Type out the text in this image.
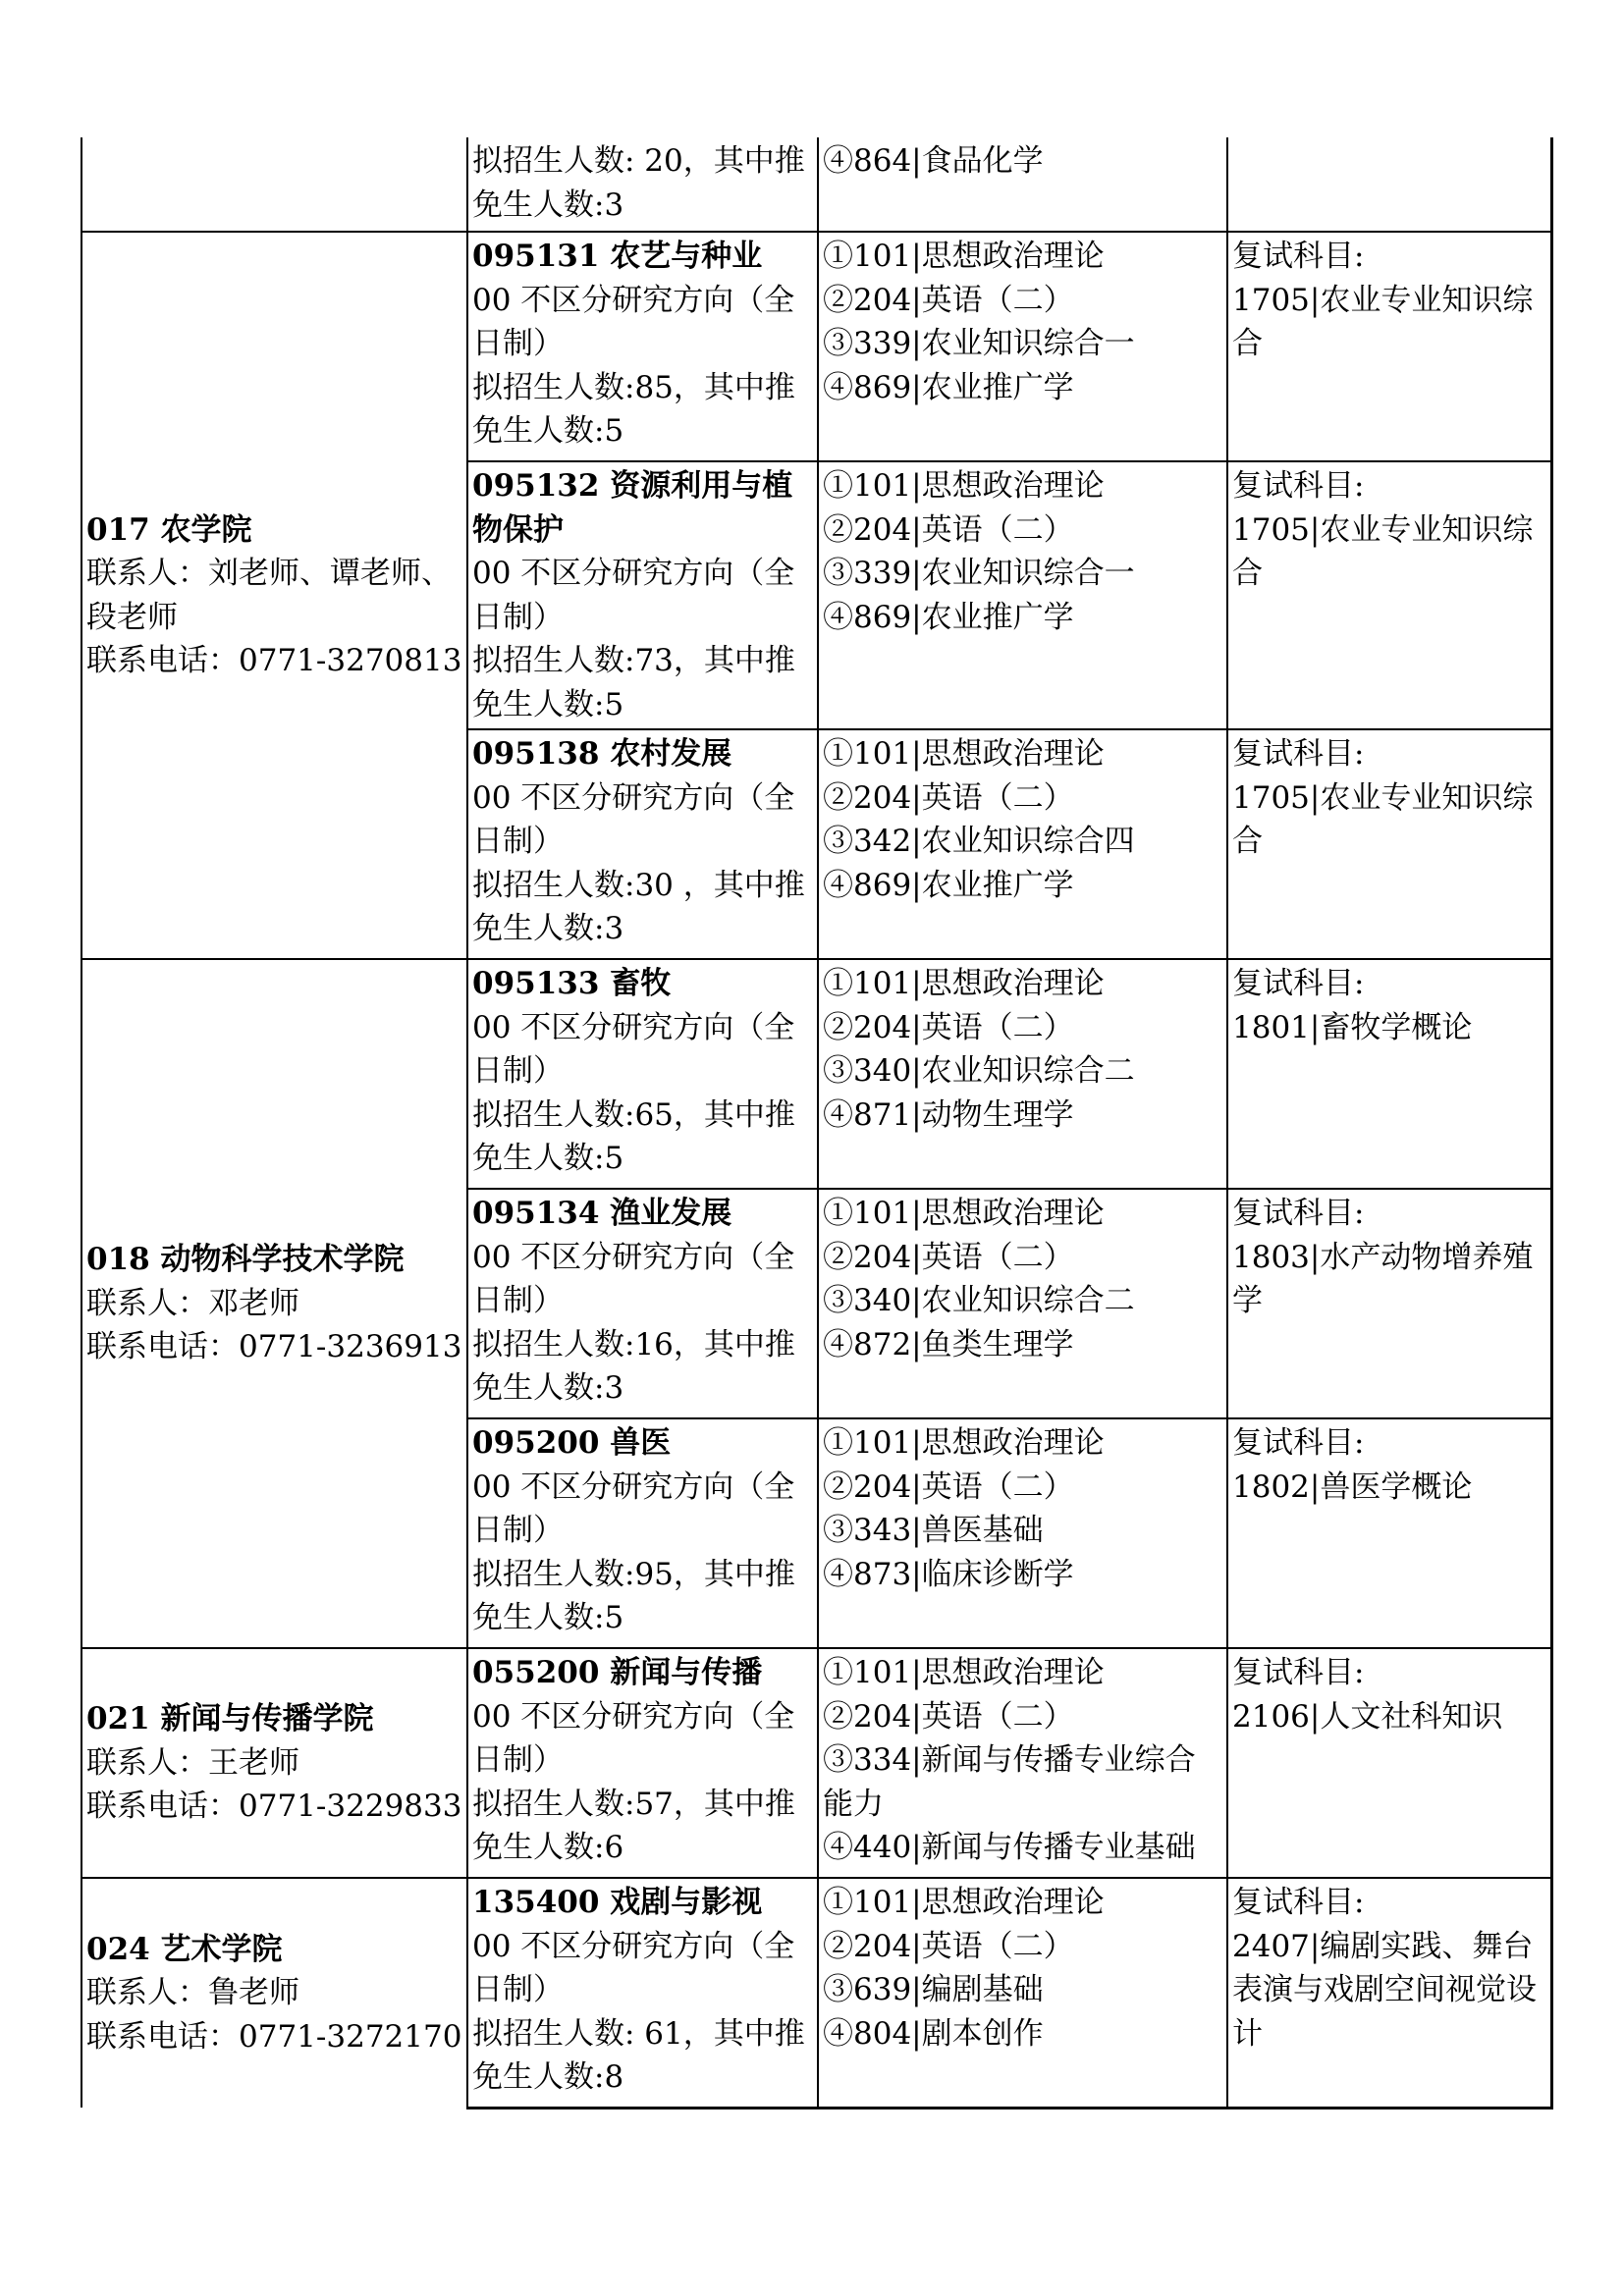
	拟招生人数: 20，其中推免生人数:3	④864|食品化学	

017 农学院
联系人：刘老师、谭老师、段老师
联系电话：0771-3270813	095131 农艺与种业
00 不区分研究方向（全日制）
拟招生人数:85，其中推免生人数:5	①101|思想政治理论
②204|英语（二）
③339|农业知识综合一
④869|农业推广学	复试科目:
1705|农业专业知识综合

	095132 资源利用与植物保护
00 不区分研究方向（全日制）
拟招生人数:73，其中推免生人数:5	①101|思想政治理论
②204|英语（二）
③339|农业知识综合一
④869|农业推广学	复试科目:
1705|农业专业知识综合

	095138 农村发展
00 不区分研究方向（全日制）
拟招生人数:30 ，其中推免生人数:3	①101|思想政治理论
②204|英语（二）
③342|农业知识综合四
④869|农业推广学	复试科目:
1705|农业专业知识综合

018 动物科学技术学院
联系人：邓老师
联系电话：0771-3236913	095133 畜牧
00 不区分研究方向（全日制）
拟招生人数:65，其中推免生人数:5	①101|思想政治理论
②204|英语（二）
③340|农业知识综合二
④871|动物生理学	复试科目:
1801|畜牧学概论

	095134 渔业发展
00 不区分研究方向（全日制）
拟招生人数:16，其中推免生人数:3	①101|思想政治理论
②204|英语（二）
③340|农业知识综合二
④872|鱼类生理学	复试科目:
1803|水产动物增养殖学

	095200 兽医
00 不区分研究方向（全日制）
拟招生人数:95，其中推免生人数:5	①101|思想政治理论
②204|英语（二）
③343|兽医基础
④873|临床诊断学	复试科目:
1802|兽医学概论

021 新闻与传播学院
联系人：王老师
联系电话：0771-3229833	055200 新闻与传播
00 不区分研究方向（全日制）
拟招生人数:57，其中推免生人数:6	①101|思想政治理论
②204|英语（二）
③334|新闻与传播专业综合能力
④440|新闻与传播专业基础	复试科目:
2106|人文社科知识

024 艺术学院
联系人：鲁老师
联系电话：0771-3272170	135400 戏剧与影视
00 不区分研究方向（全日制）
拟招生人数: 61，其中推免生人数:8	①101|思想政治理论
②204|英语（二）
③639|编剧基础
④804|剧本创作	复试科目:
2407|编剧实践、舞台表演与戏剧空间视觉设计
